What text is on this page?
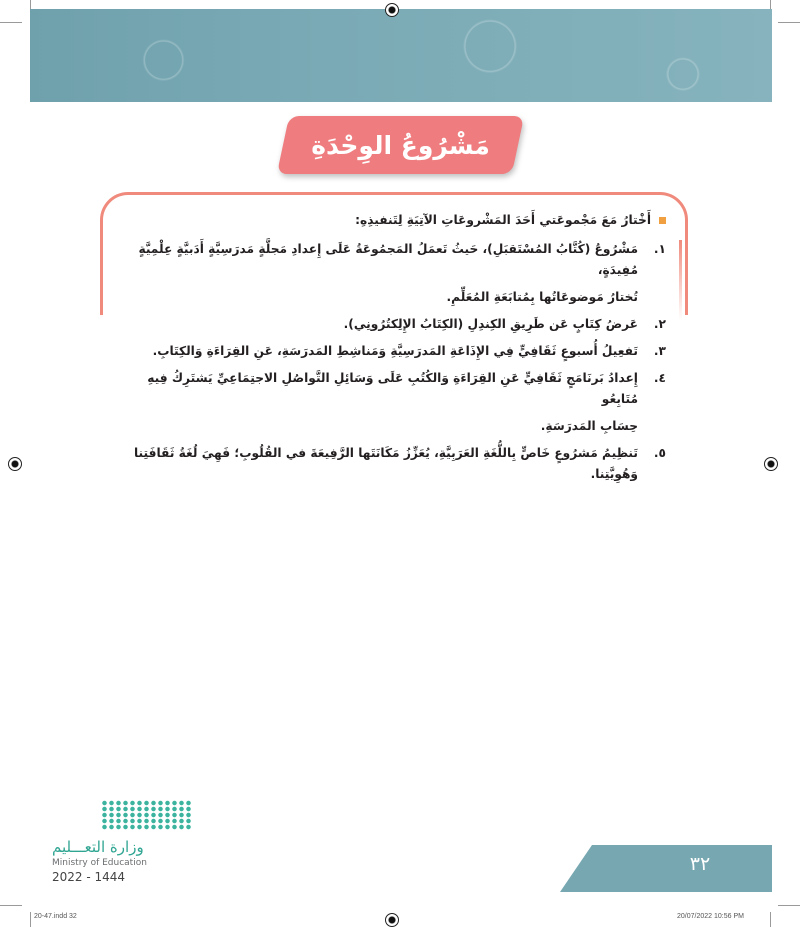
مَشْرُوعُ الوِحْدَةِ
أَخْتارُ مَعَ مَجْموعَتي أَحَدَ المَشْروعَاتِ الآتِيَةِ لِتَنفيذِهِ:
١.
مَشْرُوعُ (كُتَّابُ المُسْتَقبَلِ)، حَيثُ تَعمَلُ المَجمُوعَةُ عَلَى إِعدادِ مَجلَّةٍ مَدرَسِيَّةٍ أَدَبيَّةٍ عِلْمِيَّةٍ مُفِيدَةٍ،
تُختارُ مَوضوعَاتُها بِمُتابَعَةِ المُعَلِّمِ.
٢.
عَرضُ كِتَابٍ عَن طَرِيقِ الكِندِلِ (الكِتَابُ الإِلِكتُرُونِي).
٣.
تَفعِيلُ أُسبوعٍ ثَقَافِيٍّ فِي الإِذَاعَةِ المَدرَسِيَّةِ وَمَناشِطِ المَدرَسَةِ، عَنِ القِرَاءَةِ وَالكِتَابِ.
٤.
إِعدادُ بَرنَامَجٍ ثَقَافِيٍّ عَنِ القِرَاءَةِ وَالكُتُبِ عَلَى وَسَائِلِ التَّواصُلِ الاجتِمَاعِيِّ يَشتَرِكُ فِيهِ مُتَابِعُو
حِسَابِ المَدرَسَةِ.
٥.
تَنظِيمُ مَشرُوعٍ خَاصٍّ بِاللُّغَةِ العَرَبِيَّةِ، يُعَزِّزُ مَكَانَتَها الرَّفِيعَةَ في القُلُوبِ؛ فَهِيَ لُغَةُ ثَقَافَتِنا وَهُوِيَّتِنا.
وزارة التعـــليم
Ministry of Education
2022 - 1444
٣٢
20-47.indd 32	20/07/2022 10:56 PM
